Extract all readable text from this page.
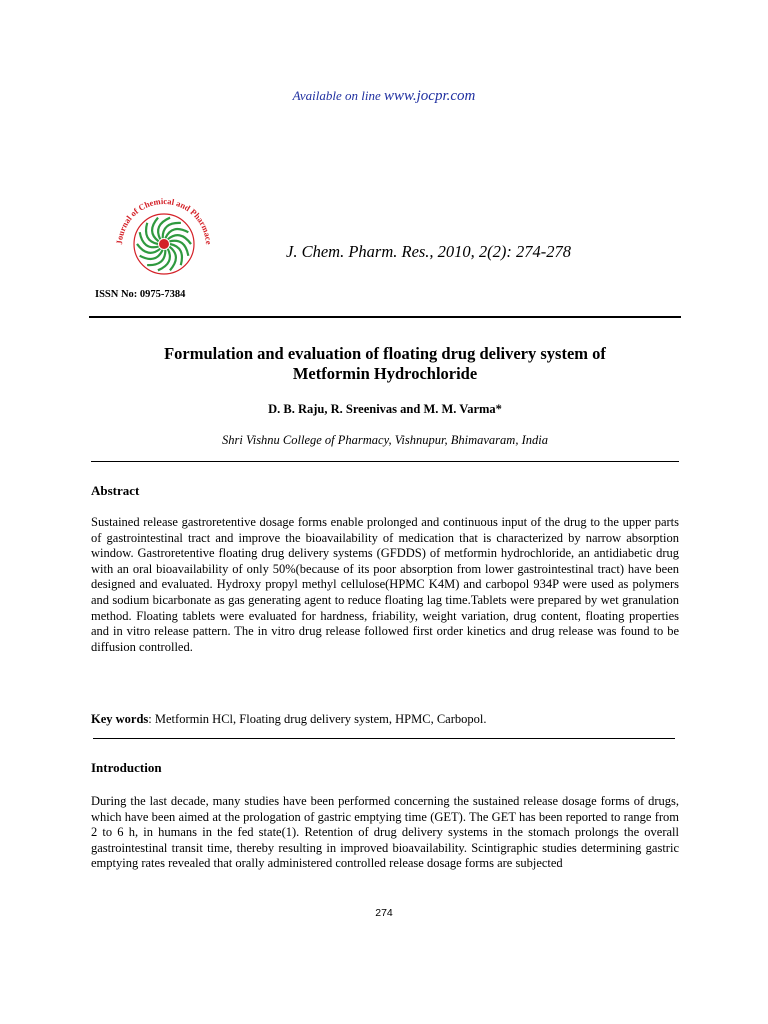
Available on line www.jocpr.com
Journal of Chemical and Pharmace	J. Chem. Pharm. Res., 2010, 2(2): 274-278
ISSN No: 0975-7384
Formulation and evaluation of floating drug delivery system of
Metformin Hydrochloride
D. B. Raju, R. Sreenivas and M. M. Varma*
Shri Vishnu College of Pharmacy, Vishnupur, Bhimavaram, India
Abstract
Sustained release gastroretentive dosage forms enable prolonged and continuous input of the drug to the upper parts of gastrointestinal tract and improve the bioavailability of medication that is characterized by narrow absorption window. Gastroretentive floating drug delivery systems (GFDDS) of metformin hydrochloride, an antidiabetic drug with an oral bioavailability of only 50%(because of its poor absorption from lower gastrointestinal tract) have been designed and evaluated. Hydroxy propyl methyl cellulose(HPMC K4M) and carbopol 934P were used as polymers and sodium bicarbonate as gas generating agent to reduce floating lag time.Tablets were prepared by wet granulation method. Floating tablets were evaluated for hardness, friability, weight variation, drug content, floating properties and in vitro release pattern. The in vitro drug release followed first order kinetics and drug release was found to be diffusion controlled.
Key words: Metformin HCl, Floating drug delivery system, HPMC, Carbopol.
Introduction
During the last decade, many studies have been performed concerning the sustained release dosage forms of drugs, which have been aimed at the prologation of gastric emptying time (GET). The GET has been reported to range from 2 to 6 h, in humans in the fed state(1). Retention of drug delivery systems in the stomach prolongs the overall gastrointestinal transit time, thereby resulting in improved bioavailability. Scintigraphic studies determining gastric emptying rates revealed that orally administered controlled release dosage forms are subjected
274
